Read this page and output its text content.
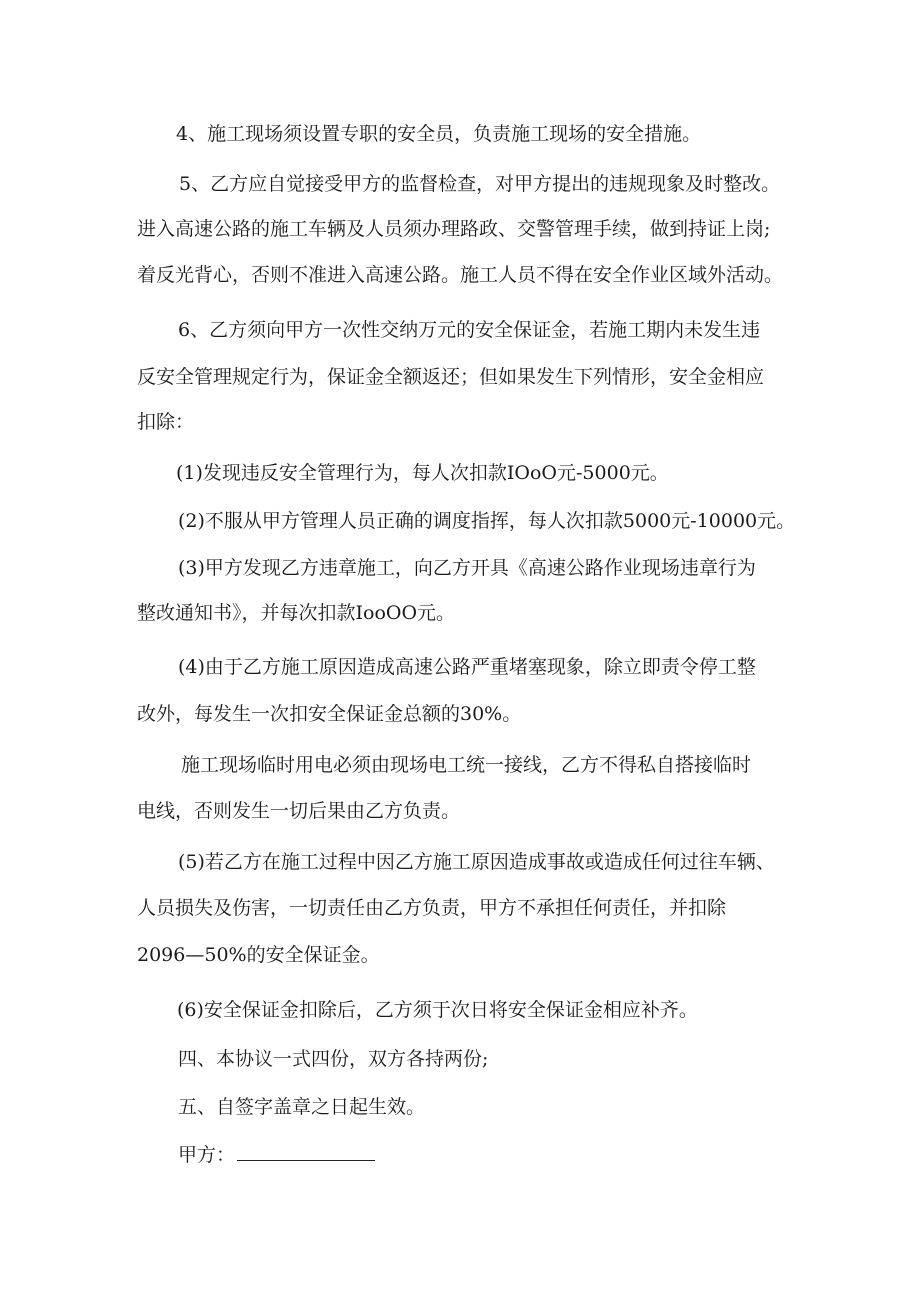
4、施工现场须设置专职的安全员，负责施工现场的安全措施。
5、乙方应自觉接受甲方的监督检查，对甲方提出的违规现象及时整改。
进入高速公路的施工车辆及人员须办理路政、交警管理手续，做到持证上岗;
着反光背心，否则不准进入高速公路。施工人员不得在安全作业区域外活动。
6、乙方须向甲方一次性交纳万元的安全保证金，若施工期内未发生违
反安全管理规定行为，保证金全额返还；但如果发生下列情形，安全金相应
扣除：
(1)发现违反安全管理行为，每人次扣款IOoO元-5000元。
(2)不服从甲方管理人员正确的调度指挥，每人次扣款5000元-10000元。
(3)甲方发现乙方违章施工，向乙方开具《高速公路作业现场违章行为
整改通知书》，并每次扣款IooOO元。
(4)由于乙方施工原因造成高速公路严重堵塞现象，除立即责令停工整
改外，每发生一次扣安全保证金总额的30%。
施工现场临时用电必须由现场电工统一接线，乙方不得私自搭接临时
电线，否则发生一切后果由乙方负责。
(5)若乙方在施工过程中因乙方施工原因造成事故或造成任何过往车辆、
人员损失及伤害，一切责任由乙方负责，甲方不承担任何责任，并扣除
2096—50%的安全保证金。
(6)安全保证金扣除后，乙方须于次日将安全保证金相应补齐。
四、本协议一式四份，双方各持两份;
五、自签字盖章之日起生效。
甲方：
